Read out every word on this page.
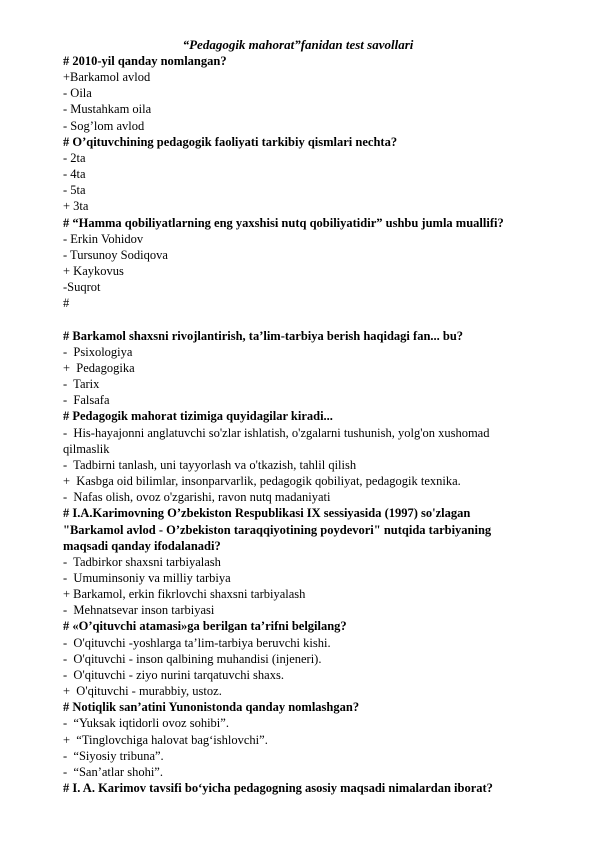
“Pedagogik mahorat”fanidan test savollari
# 2010-yil qanday nomlangan?
+Barkamol avlod
- Oila
- Mustahkam oila
- Sog’lom avlod
# O’qituvchining pedagogik faoliyati tarkibiy qismlari nechta?
- 2ta
- 4ta
- 5ta
+ 3ta
# “Hamma qobiliyatlarning eng yaxshisi nutq qobiliyatidir” ushbu jumla muallifi?
- Erkin Vohidov
- Tursunoy Sodiqova
+ Kaykovus
-Suqrot
#
# Barkamol shaxsni rivojlantirish, ta’lim-tarbiya berish haqidagi fan... bu?
-  Psixologiya
+  Pedagogika
-  Tarix
-  Falsafa
# Pedagogik mahorat tizimiga quyidagilar kiradi...
-  His-hayajonni anglatuvchi so'zlar ishlatish, o'zgalarni tushunish, yolg'on xushomad
qilmaslik
-  Tadbirni tanlash, uni tayyorlash va o'tkazish, tahlil qilish
+  Kasbga oid bilimlar, insonparvarlik, pedagogik qobiliyat, pedagogik texnika.
-  Nafas olish, ovoz o'zgarishi, ravon nutq madaniyati
# I.A.Karimovning O’zbekiston Respublikasi IX sessiyasida (1997) so'zlagan
"Barkamol avlod - O’zbekiston taraqqiyotining poydevori" nutqida tarbiyaning
maqsadi qanday ifodalanadi?
-  Tadbirkor shaxsni tarbiyalash
-  Umuminsoniy va milliy tarbiya
+ Barkamol, erkin fikrlovchi shaxsni tarbiyalash
-  Mehnatsevar inson tarbiyasi
# «O’qituvchi atamasi»ga berilgan ta’rifni belgilang?
-  O'qituvchi -yoshlarga ta’lim-tarbiya beruvchi kishi.
-  O'qituvchi - inson qalbining muhandisi (injeneri).
-  O'qituvchi - ziyo nurini tarqatuvchi shaxs.
+  O'qituvchi - murabbiy, ustoz.
# Notiqlik san’atini Yunonistonda qanday nomlashgan?
-  “Yuksak iqtidorli ovoz sohibi”.
+  “Tinglovchiga halovat bag‘ishlovchi”.
-  “Siyosiy tribuna”.
-  “San’atlar shohi”.
# I. A. Karimov tavsifi bo‘yicha pedagogning asosiy maqsadi nimalardan iborat?
